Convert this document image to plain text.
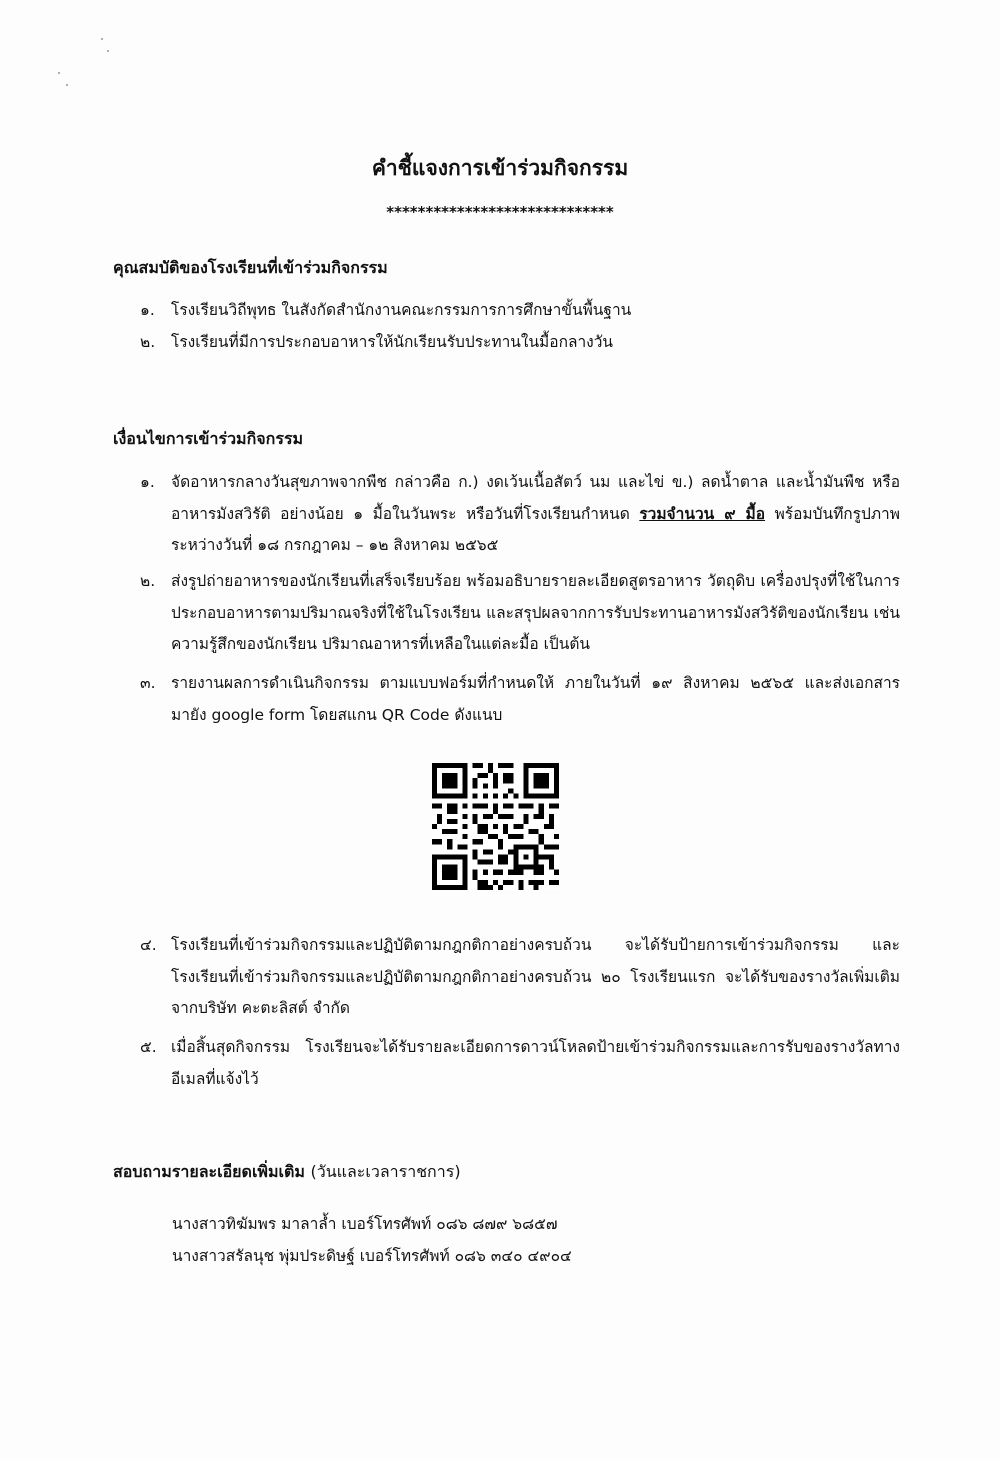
คำชี้แจงการเข้าร่วมกิจกรรม
*****************************
คุณสมบัติของโรงเรียนที่เข้าร่วมกิจกรรม
๑.	โรงเรียนวิถีพุทธ ในสังกัดสำนักงานคณะกรรมการการศึกษาขั้นพื้นฐาน
๒.	โรงเรียนที่มีการประกอบอาหารให้นักเรียนรับประทานในมื้อกลางวัน
เงื่อนไขการเข้าร่วมกิจกรรม
๑.	จัดอาหารกลางวันสุขภาพจากพืช กล่าวคือ ก.) งดเว้นเนื้อสัตว์ นม และไข่ ข.) ลดน้ำตาล และน้ำมันพืช หรืออาหารมังสวิรัติ อย่างน้อย ๑ มื้อในวันพระ หรือวันที่โรงเรียนกำหนด รวมจำนวน ๙ มื้อ พร้อมบันทึกรูปภาพ ระหว่างวันที่ ๑๘ กรกฎาคม – ๑๒ สิงหาคม ๒๕๖๕
๒.	ส่งรูปถ่ายอาหารของนักเรียนที่เสร็จเรียบร้อย พร้อมอธิบายรายละเอียดสูตรอาหาร วัตถุดิบ เครื่องปรุงที่ใช้ในการประกอบอาหารตามปริมาณจริงที่ใช้ในโรงเรียน และสรุปผลจากการรับประทานอาหารมังสวิรัติของนักเรียน เช่น ความรู้สึกของนักเรียน ปริมาณอาหารที่เหลือในแต่ละมื้อ เป็นต้น
๓. รายงานผลการดำเนินกิจกรรม ตามแบบฟอร์มที่กำหนดให้ ภายในวันที่ ๑๙ สิงหาคม ๒๕๖๕ และส่งเอกสารมายัง google form โดยสแกน QR Code ดังแนบ
๔. โรงเรียนที่เข้าร่วมกิจกรรมและปฏิบัติตามกฎกติกาอย่างครบถ้วน จะได้รับป้ายการเข้าร่วมกิจกรรม และโรงเรียนที่เข้าร่วมกิจกรรมและปฏิบัติตามกฎกติกาอย่างครบถ้วน ๒๐ โรงเรียนแรก จะได้รับของรางวัลเพิ่มเติมจากบริษัท คะตะลิสต์ จำกัด
๕. เมื่อสิ้นสุดกิจกรรม โรงเรียนจะได้รับรายละเอียดการดาวน์โหลดป้ายเข้าร่วมกิจกรรมและการรับของรางวัลทางอีเมลที่แจ้งไว้
สอบถามรายละเอียดเพิ่มเติม (วันและเวลาราชการ)
นางสาวทิฆัมพร มาลาล้ำ เบอร์โทรศัพท์ ๐๘๖ ๘๗๙ ๖๘๕๗
นางสาวสรัลนุช พุ่มประดิษฐ์ เบอร์โทรศัพท์ ๐๘๖ ๓๔๐ ๔๙๐๔
